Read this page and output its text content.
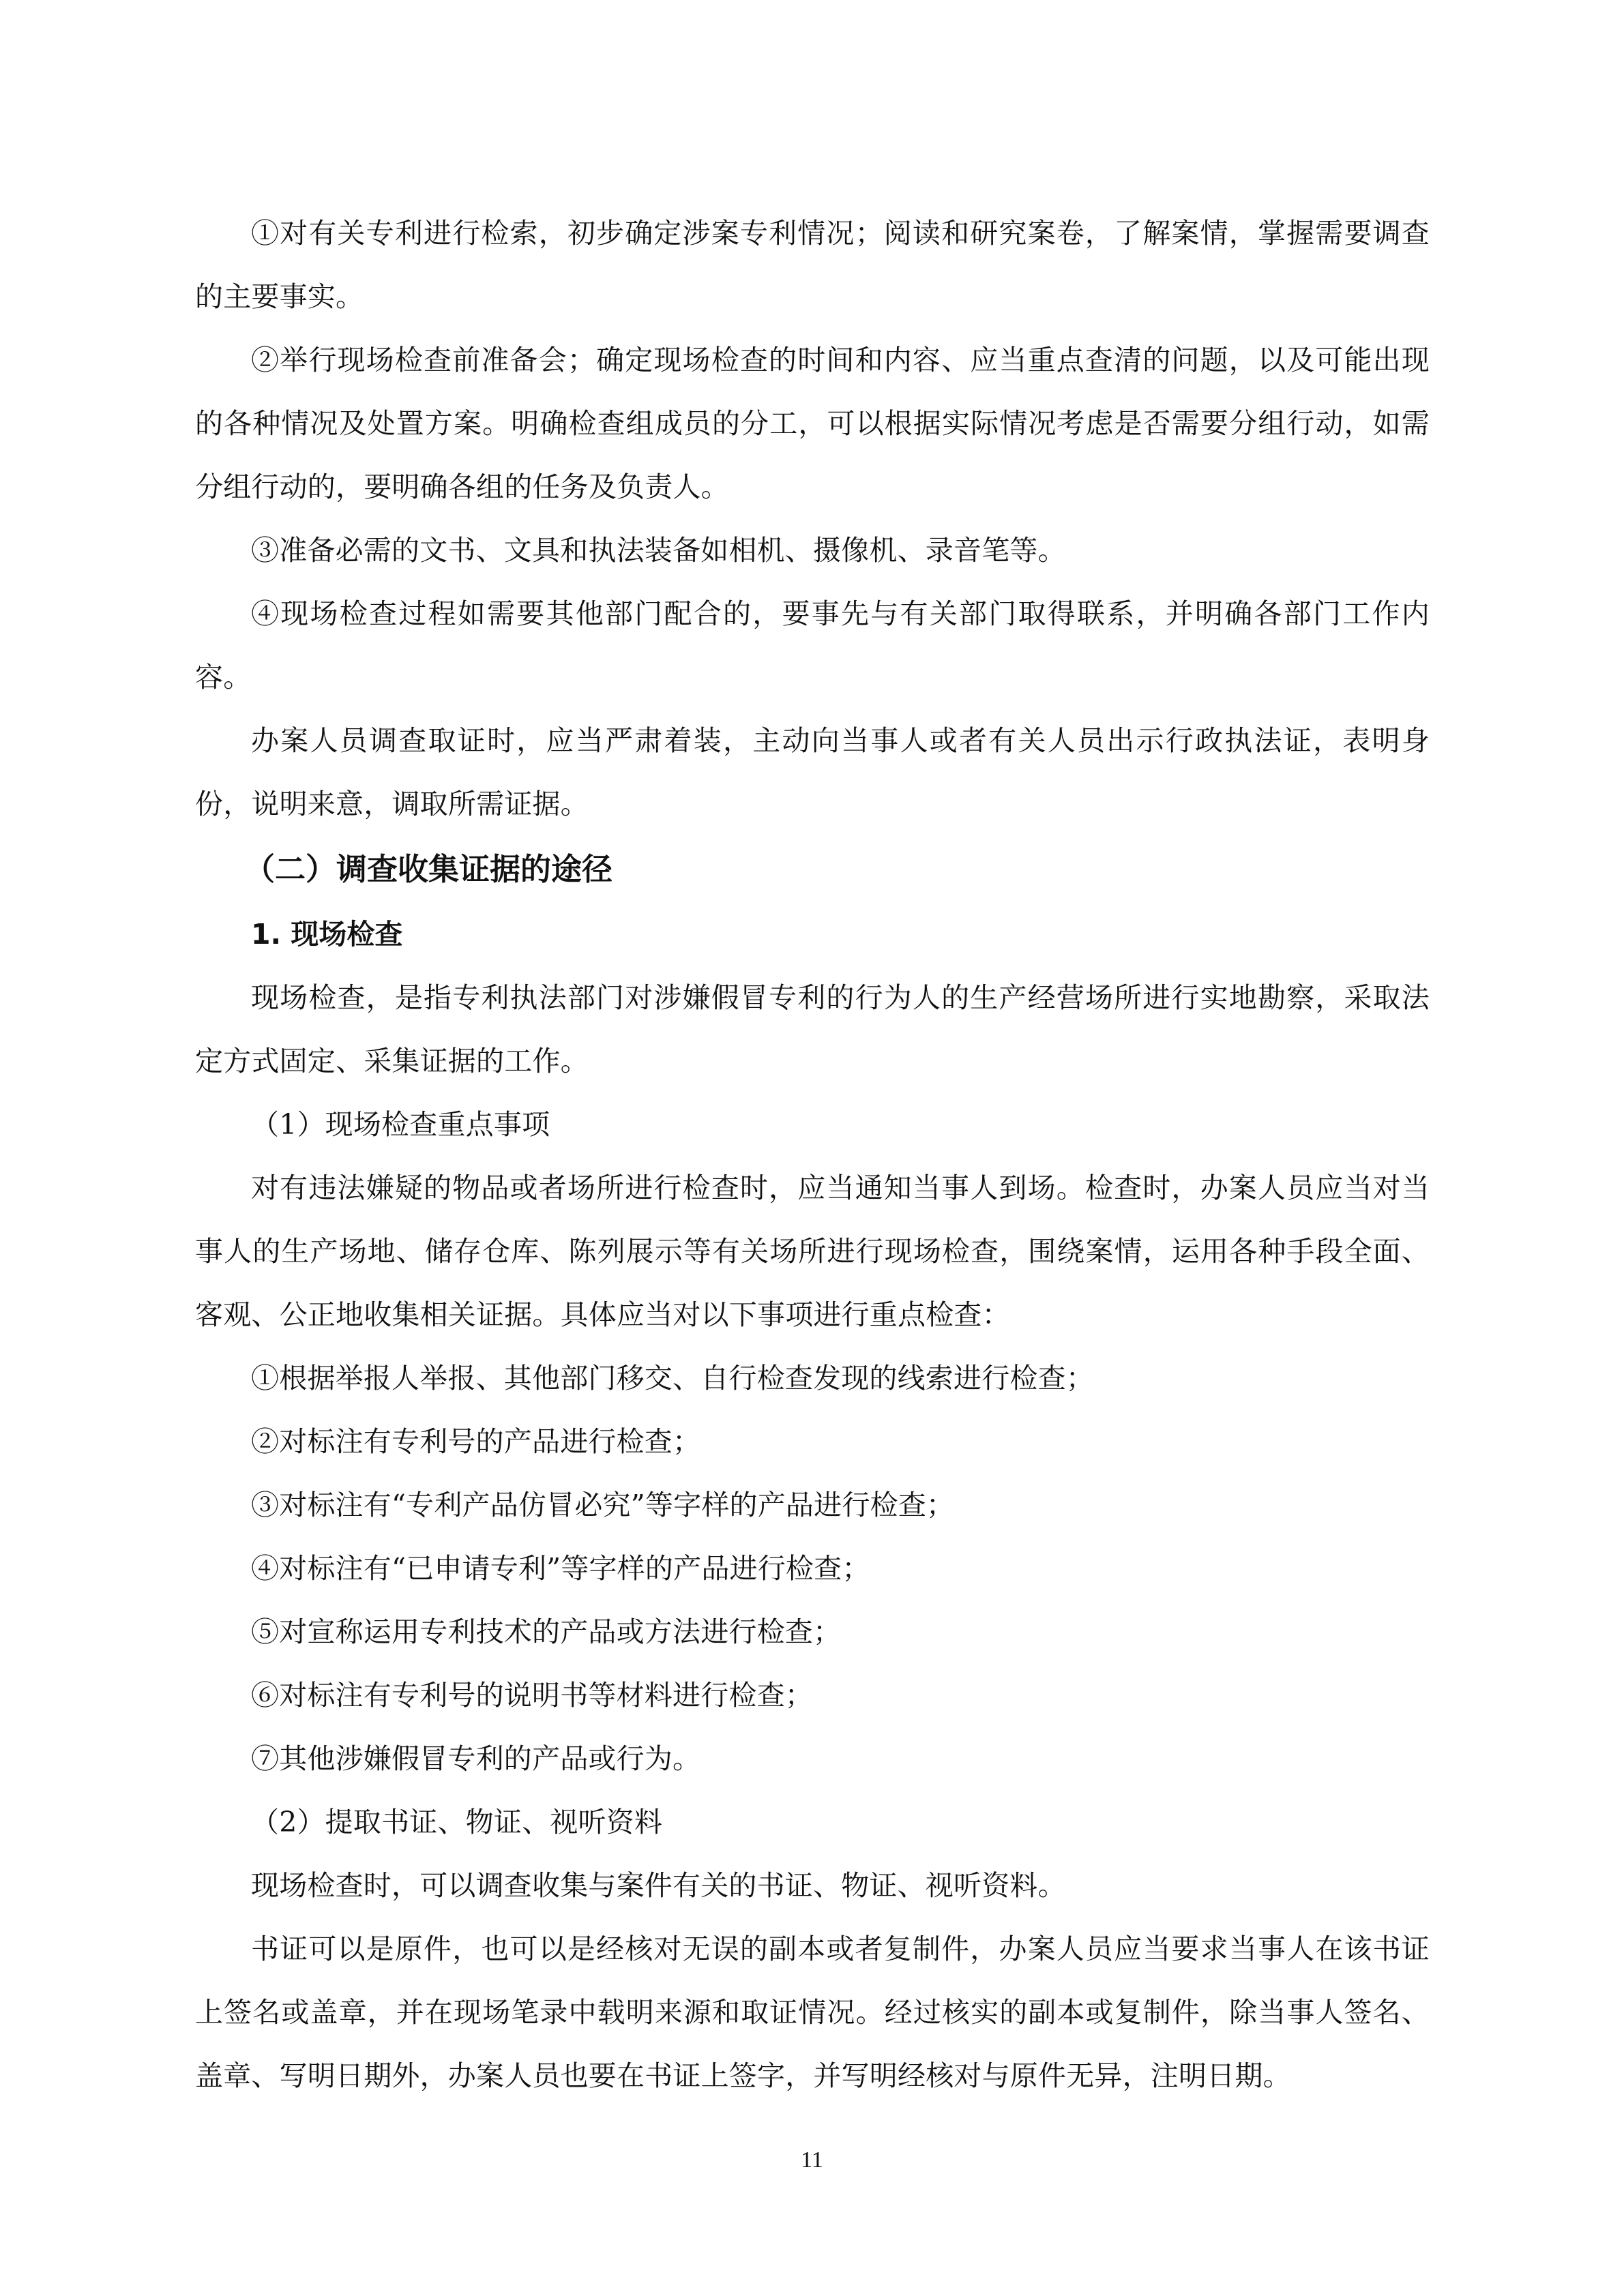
①对有关专利进行检索，初步确定涉案专利情况；阅读和研究案卷，了解案情，掌握需要调查的主要事实。

②举行现场检查前准备会；确定现场检查的时间和内容、应当重点查清的问题，以及可能出现的各种情况及处置方案。明确检查组成员的分工，可以根据实际情况考虑是否需要分组行动，如需分组行动的，要明确各组的任务及负责人。

③准备必需的文书、文具和执法装备如相机、摄像机、录音笔等。

④现场检查过程如需要其他部门配合的，要事先与有关部门取得联系，并明确各部门工作内容。

办案人员调查取证时，应当严肃着装，主动向当事人或者有关人员出示行政执法证，表明身份，说明来意，调取所需证据。

（二）调查收集证据的途径
1. 现场检查

现场检查，是指专利执法部门对涉嫌假冒专利的行为人的生产经营场所进行实地勘察，采取法定方式固定、采集证据的工作。

（1）现场检查重点事项

对有违法嫌疑的物品或者场所进行检查时，应当通知当事人到场。检查时，办案人员应当对当事人的生产场地、储存仓库、陈列展示等有关场所进行现场检查，围绕案情，运用各种手段全面、客观、公正地收集相关证据。具体应当对以下事项进行重点检查：

①根据举报人举报、其他部门移交、自行检查发现的线索进行检查；

②对标注有专利号的产品进行检查；

③对标注有“专利产品仿冒必究”等字样的产品进行检查；

④对标注有“已申请专利”等字样的产品进行检查；

⑤对宣称运用专利技术的产品或方法进行检查；

⑥对标注有专利号的说明书等材料进行检查；

⑦其他涉嫌假冒专利的产品或行为。

（2）提取书证、物证、视听资料

现场检查时，可以调查收集与案件有关的书证、物证、视听资料。

书证可以是原件，也可以是经核对无误的副本或者复制件，办案人员应当要求当事人在该书证上签名或盖章，并在现场笔录中载明来源和取证情况。经过核实的副本或复制件，除当事人签名、盖章、写明日期外，办案人员也要在书证上签字，并写明经核对与原件无异，注明日期。

11
